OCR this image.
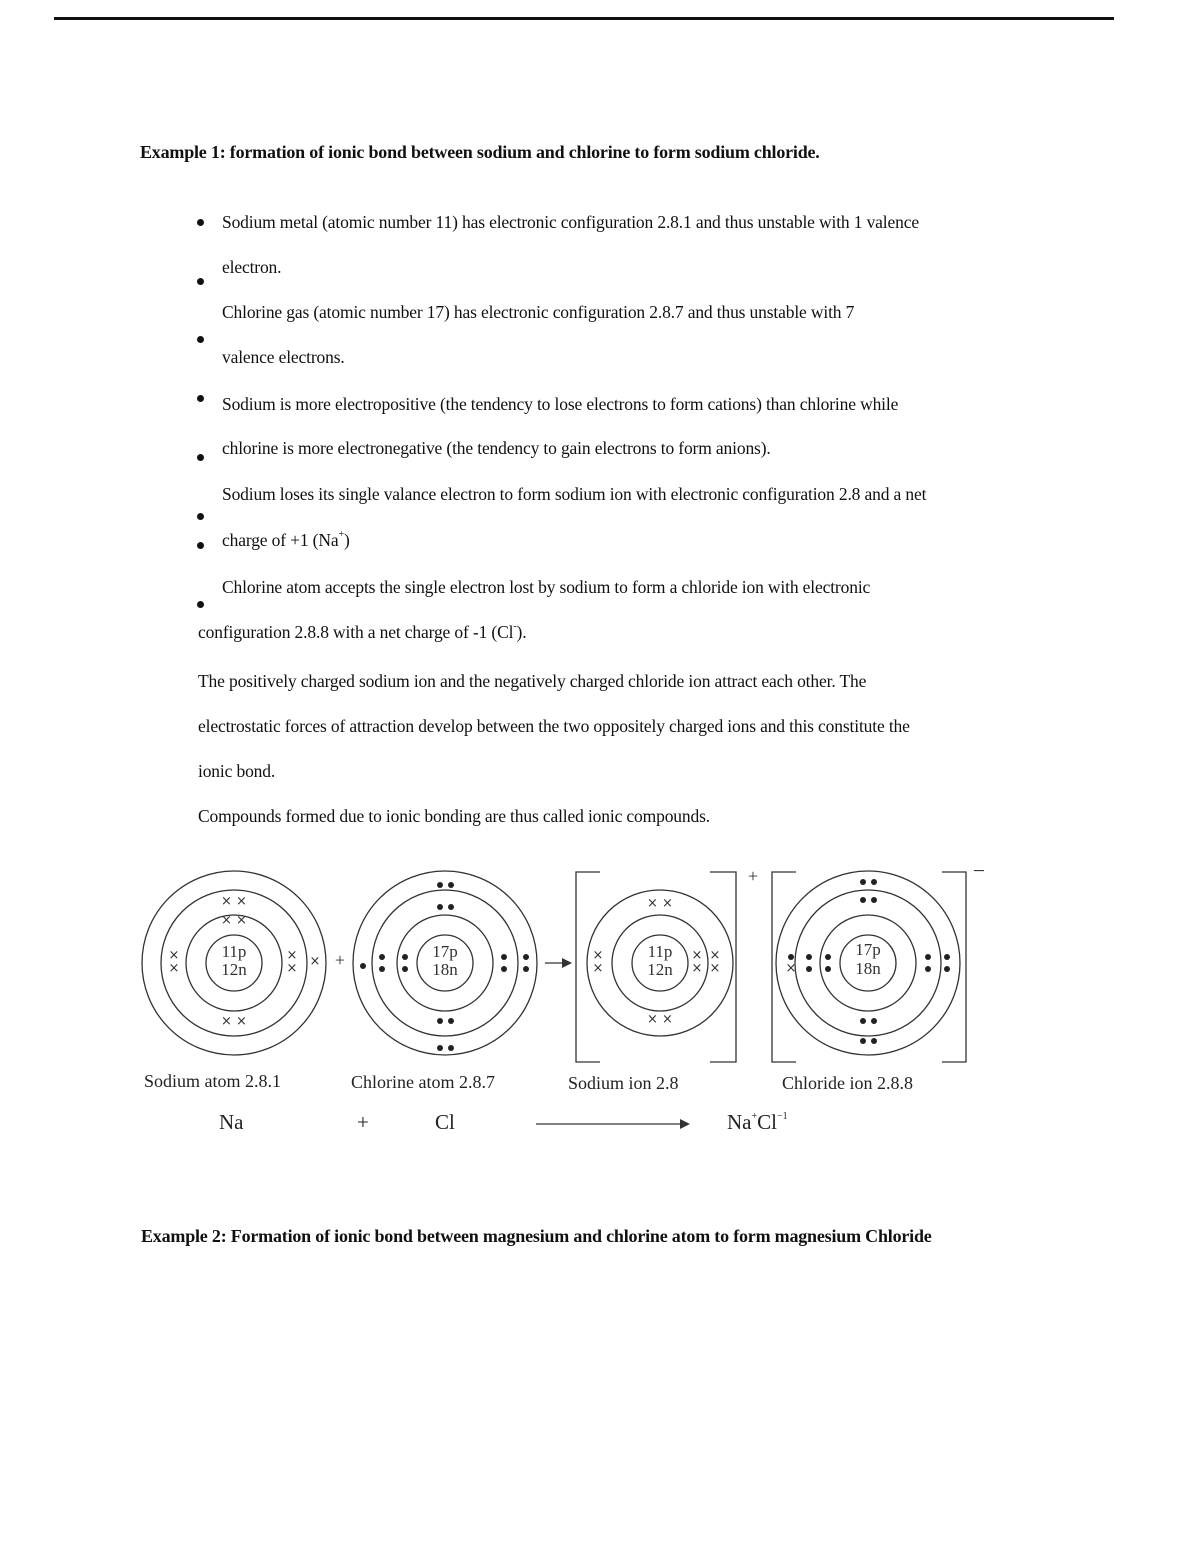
Example 1: formation of ionic bond between sodium and chlorine to form sodium chloride.
Sodium metal (atomic number 11) has electronic configuration 2.8.1 and thus unstable with 1 valence
electron.
Chlorine gas (atomic number 17) has electronic configuration 2.8.7 and thus unstable with 7
valence electrons.
Sodium is more electropositive (the tendency to lose electrons to form cations) than chlorine while
chlorine is more electronegative (the tendency to gain electrons to form anions).
Sodium loses its single valance electron to form sodium ion with electronic configuration 2.8 and a net
charge of +1 (Na+)
Chlorine atom accepts the single electron lost by sodium to form a chloride ion with electronic
configuration 2.8.8 with a net charge of -1 (Cl-).
The positively charged sodium ion and the negatively charged chloride ion attract each other. The
electrostatic forces of attraction develop between the two oppositely charged ions and this constitute the
ionic bond.
Compounds formed due to ionic bonding are thus called ionic compounds.
× ×
× ×
× ×
×
×
×
× ×
× ×
× ×
×
×
×
×
×
×	×
11p
12n
17p
18n
11p
12n
17p
18n
+
+	−
Sodium atom 2.8.1	Chlorine atom 2.8.7	Sodium ion 2.8	Chloride ion 2.8.8
Na	+	Cl	$Na^+Cl^{-1}$
Example 2: Formation of ionic bond between magnesium and chlorine atom to form magnesium Chloride
